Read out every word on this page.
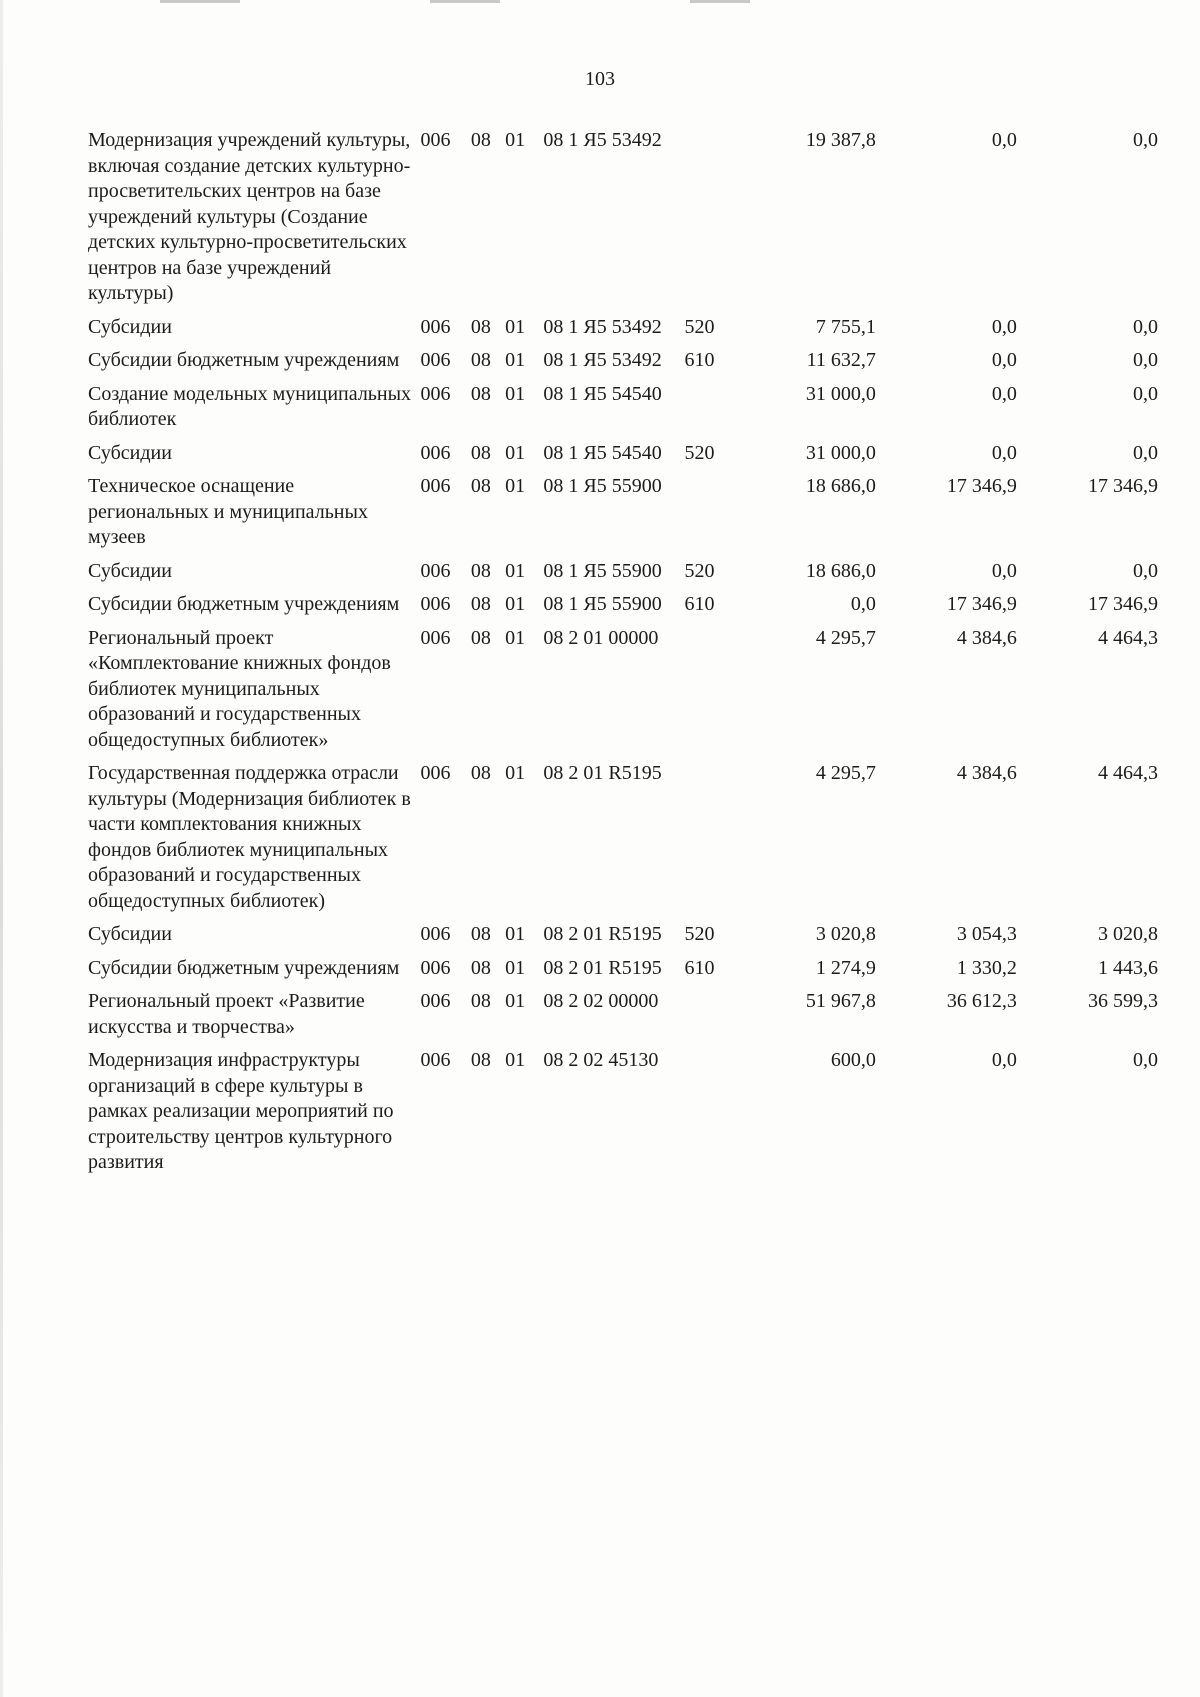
103
Модернизация учреждений культуры, включая создание детских культурно-просветительских центров на базе учреждений культуры (Создание детских культурно-просветительских центров на базе учреждений культуры)	006	08	01	08 1 Я5 53492		19 387,8	0,0	0,0
Субсидии	006	08	01	08 1 Я5 53492	520	7 755,1	0,0	0,0
Субсидии бюджетным учреждениям	006	08	01	08 1 Я5 53492	610	11 632,7	0,0	0,0
Создание модельных муниципальных библиотек	006	08	01	08 1 Я5 54540		31 000,0	0,0	0,0
Субсидии	006	08	01	08 1 Я5 54540	520	31 000,0	0,0	0,0
Техническое оснащение региональных и муниципальных музеев	006	08	01	08 1 Я5 55900		18 686,0	17 346,9	17 346,9
Субсидии	006	08	01	08 1 Я5 55900	520	18 686,0	0,0	0,0
Субсидии бюджетным учреждениям	006	08	01	08 1 Я5 55900	610	0,0	17 346,9	17 346,9
Региональный проект «Комплектование книжных фондов библиотек муниципальных образований и государственных общедоступных библиотек»	006	08	01	08 2 01 00000		4 295,7	4 384,6	4 464,3
Государственная поддержка отрасли культуры (Модернизация библиотек в части комплектования книжных фондов библиотек муниципальных образований и государственных общедоступных библиотек)	006	08	01	08 2 01 R5195		4 295,7	4 384,6	4 464,3
Субсидии	006	08	01	08 2 01 R5195	520	3 020,8	3 054,3	3 020,8
Субсидии бюджетным учреждениям	006	08	01	08 2 01 R5195	610	1 274,9	1 330,2	1 443,6
Региональный проект «Развитие искусства и творчества»	006	08	01	08 2 02 00000		51 967,8	36 612,3	36 599,3
Модернизация инфраструктуры организаций в сфере культуры в рамках реализации мероприятий по строительству центров культурного развития	006	08	01	08 2 02 45130		600,0	0,0	0,0
